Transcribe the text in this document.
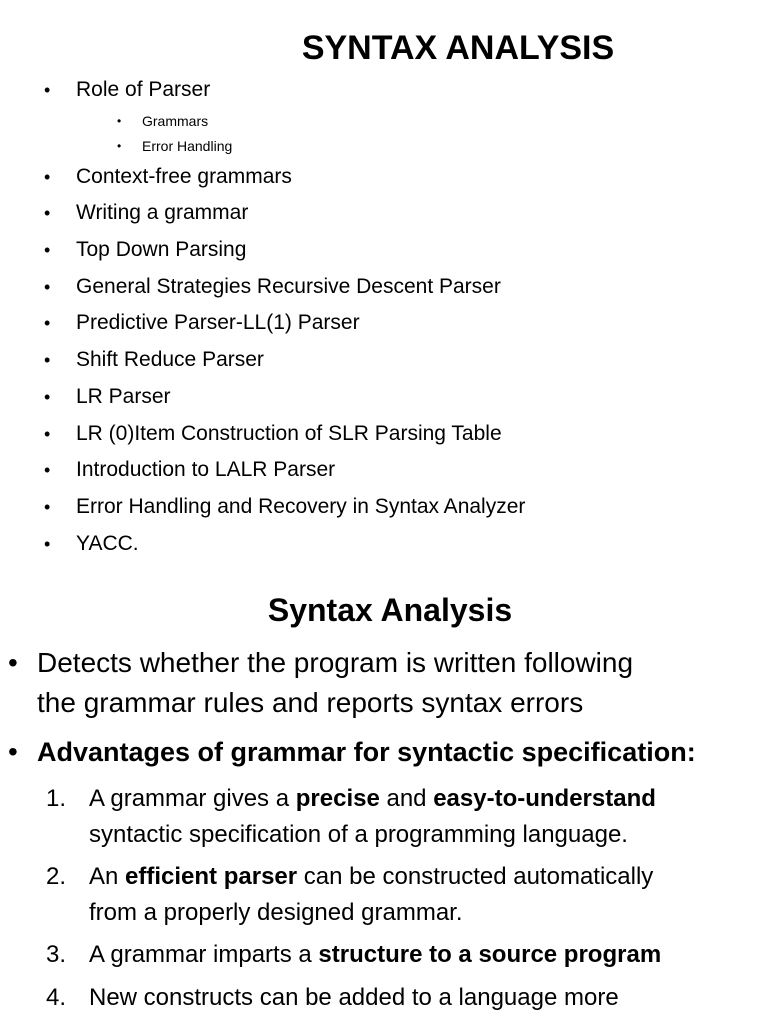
SYNTAX ANALYSIS
• Role of Parser
• Grammars
• Error Handling
• Context-free grammars
• Writing a grammar
• Top Down Parsing
• General Strategies Recursive Descent Parser
• Predictive Parser-LL(1) Parser
• Shift Reduce Parser
• LR Parser
• LR (0)Item Construction of SLR Parsing Table
• Introduction to LALR Parser
• Error Handling and Recovery in Syntax Analyzer
• YACC.
Syntax Analysis
• Detects whether the program is written following
the grammar rules and reports syntax errors
• Advantages of grammar for syntactic specification:
1. A grammar gives a precise and easy-to-understand
syntactic specification of a programming language.
2. An efficient parser can be constructed automatically
from a properly designed grammar.
3. A grammar imparts a structure to a source program
4. New constructs can be added to a language more
